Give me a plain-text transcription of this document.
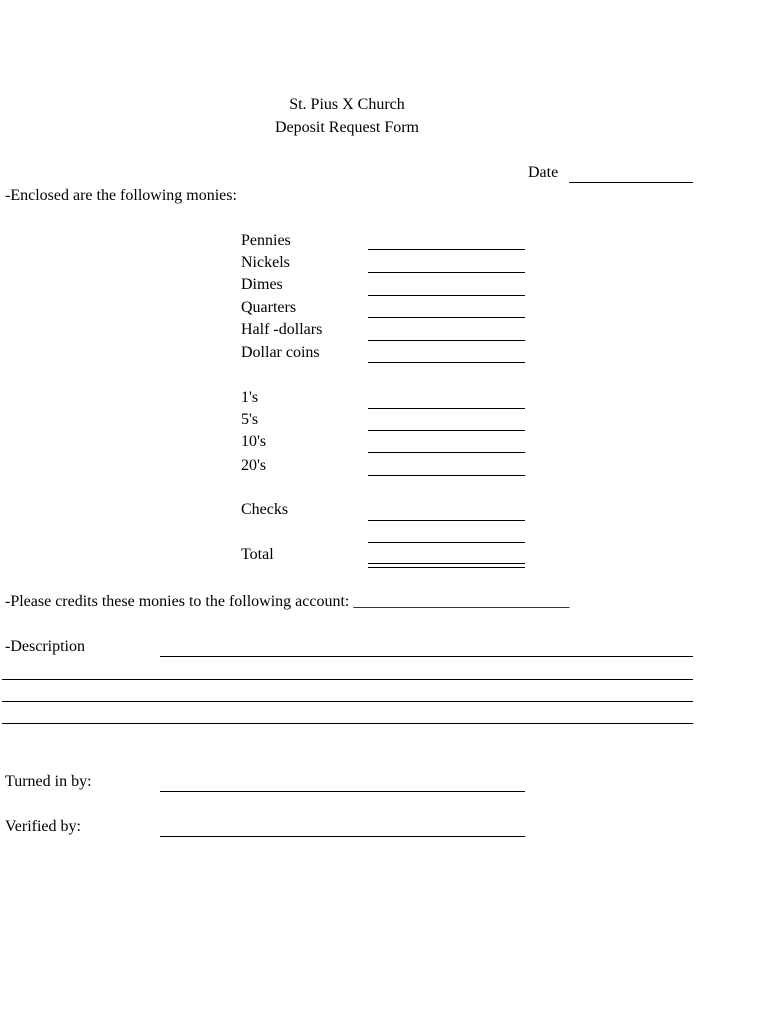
St. Pius X Church
Deposit Request Form
Date
-Enclosed are the following monies:
Pennies
Nickels
Dimes
Quarters
Half -dollars
Dollar coins
1's
5's
10's
20's
Checks
Total
-Please credits these monies to the following account: ___________________________
-Description
Turned in by:
Verified by:
